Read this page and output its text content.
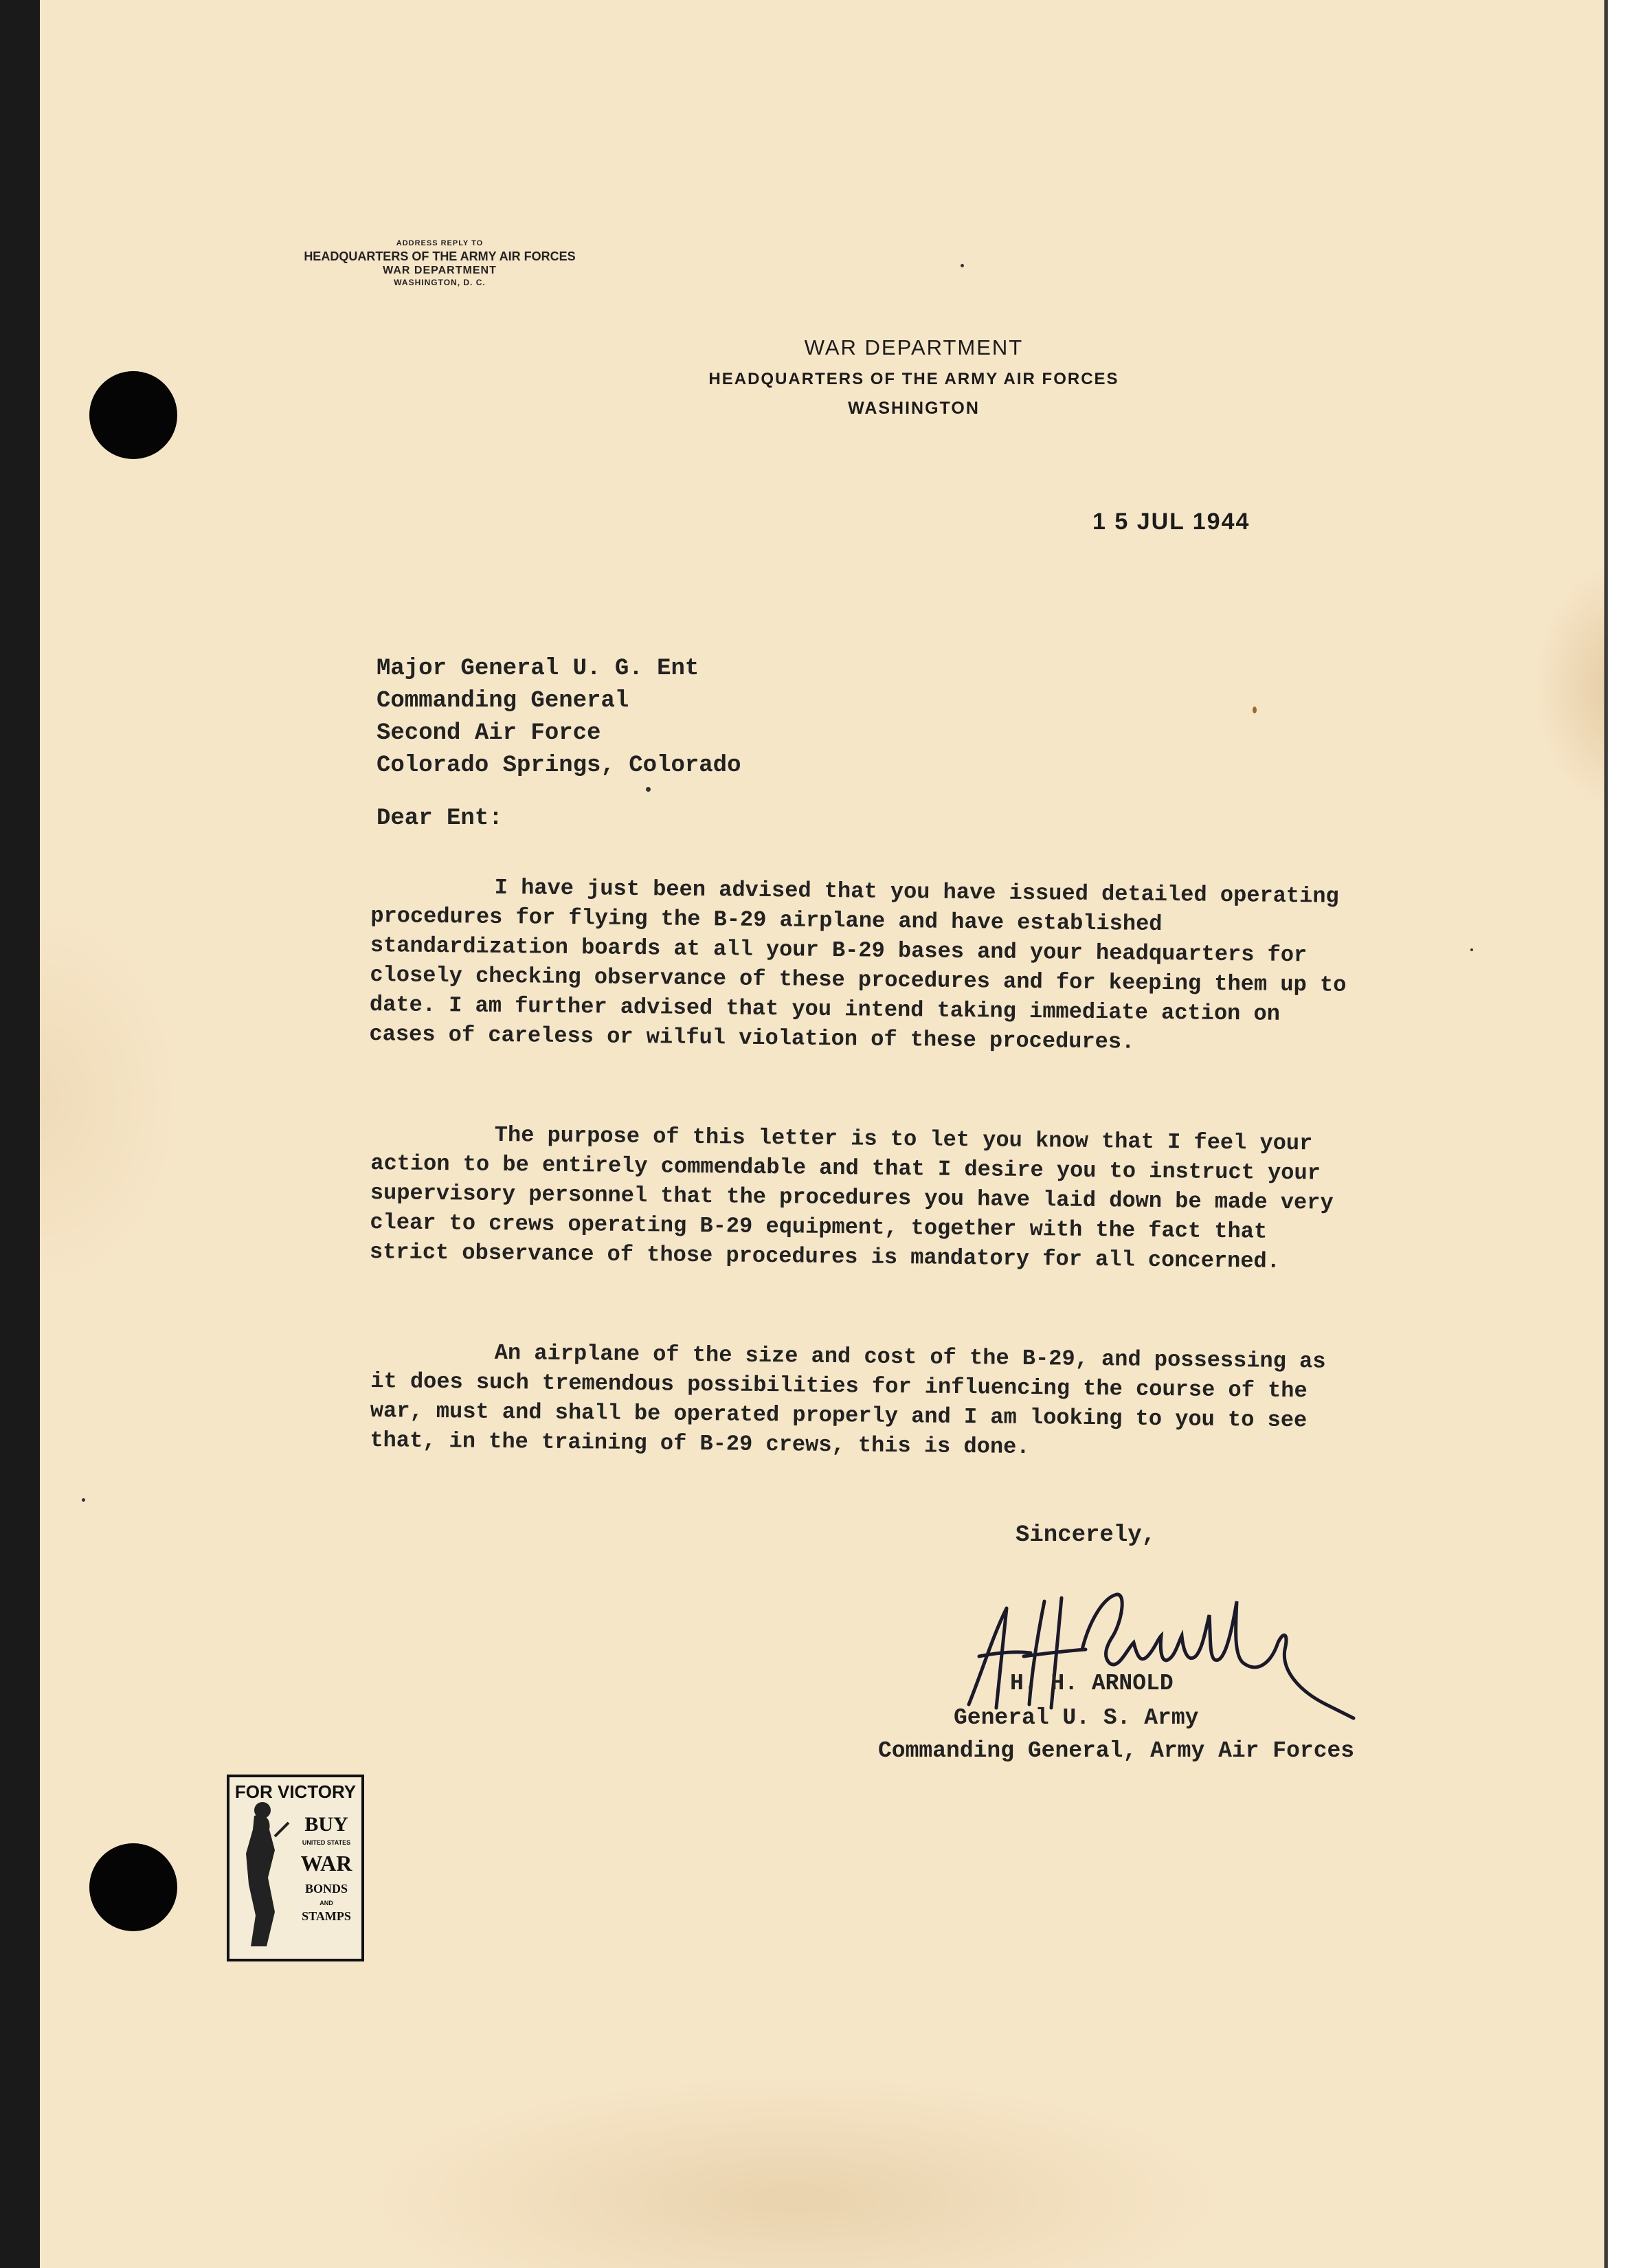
ADDRESS REPLY TO
HEADQUARTERS OF THE ARMY AIR FORCES
WAR DEPARTMENT
WASHINGTON, D. C.
WAR DEPARTMENT
HEADQUARTERS OF THE ARMY AIR FORCES
WASHINGTON
1 5 JUL 1944
Major General U. G. Ent
Commanding General
Second Air Force
Colorado Springs, Colorado
Dear Ent:

I have just been advised that you have issued detailed operating procedures for flying the B-29 airplane and have established standardization boards at all your B-29 bases and your headquarters for closely checking observance of these procedures and for keeping them up to date. I am further advised that you intend taking immediate action on cases of careless or wilful violation of these procedures.

The purpose of this letter is to let you know that I feel your action to be entirely commendable and that I desire you to instruct your supervisory personnel that the procedures you have laid down be made very clear to crews operating B-29 equipment, together with the fact that strict observance of those procedures is mandatory for all concerned.

An airplane of the size and cost of the B-29, and possessing as it does such tremendous possibilities for influencing the course of the war, must and shall be operated properly and I am looking to you to see that, in the training of B-29 crews, this is done.

Sincerely,
H. H. ARNOLD
General U. S. Army
Commanding General, Army Air Forces
FOR VICTORY
BUY
UNITED STATES
WAR
BONDS
AND
STAMPS
